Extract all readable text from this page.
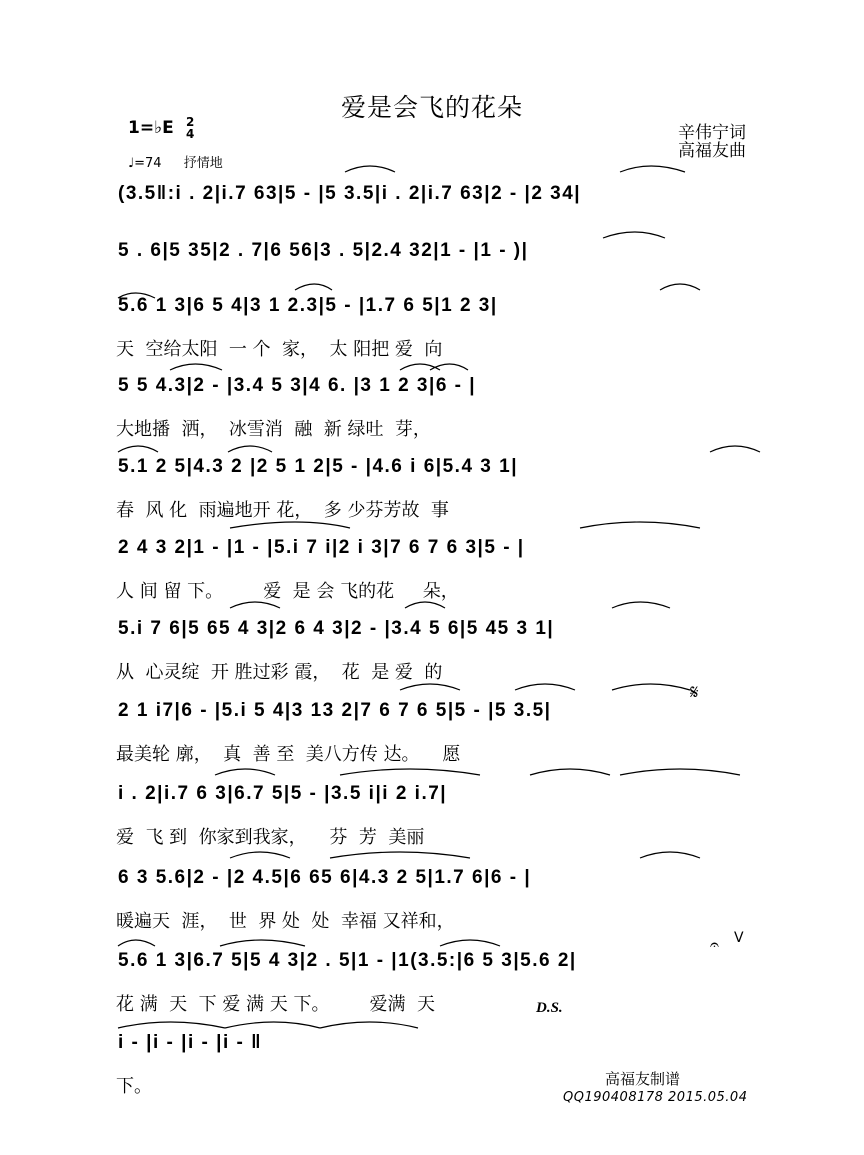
爱是会飞的花朵
辛伟宁词
高福友曲
1=♭E 2
4
♩=74 抒情地
(3.5‖:i . 2|i.7 63|5 - |5 3.5|i . 2|i.7 63|2 - |2 34|
5 . 6|5 35|2 . 7|6 56|3 . 5|2.4 32|1 - |1 - )|
5.6 1 3|6 5 4|3 1 2.3|5 - |1.7 6 5|1 2 3|
天  空给太阳  一 个  家，  太 阳把 爱  向
5 5 4.3|2 - |3.4 5 3|4 6. |3 1 2 3|6 - |
大地播  洒，  冰雪消  融  新 绿吐  芽，
5.1 2 5|4.3 2 |2 5 1 2|5 - |4.6 i 6|5.4 3 1|
春  风 化  雨遍地开 花，  多 少芬芳故  事
2 4 3 2|1 - |1 - |5.i 7 i|2 i 3|7 6 7 6 3|5 - |
人 间 留 下。       爱  是 会 飞的花     朵，
5.i 7 6|5 65 4 3|2 6 4 3|2 - |3.4 5 6|5 45 3 1|
从  心灵绽  开 胜过彩 霞，  花  是 爱  的
2 1 i7|6 - |5.i 5 4|3 13 2|7 6 7 6 5|5 - |5 3.5|
最美轮 廓，  真  善 至  美八方传 达。    愿
i . 2|i.7 6 3|6.7 5|5 - |3.5 i|i 2 i.7|
爱  飞 到  你家到我家，    芬  芳  美丽
6 3 5.6|2 - |2 4.5|6 65 6|4.3 2 5|1.7 6|6 - |
暖遍天  涯，  世  界 处  处  幸福 又祥和，
5.6 1 3|6.7 5|5 4 3|2 . 5|1 - |1(3.5:|6 5 3|5.6 2|
花 满  天  下 爱 满 天 下。       爱满  天
i - |i - |i - |i - ‖
下。
D.S.
𝄋
𝄐 V
高福友制谱
QQ190408178 2015.05.04
